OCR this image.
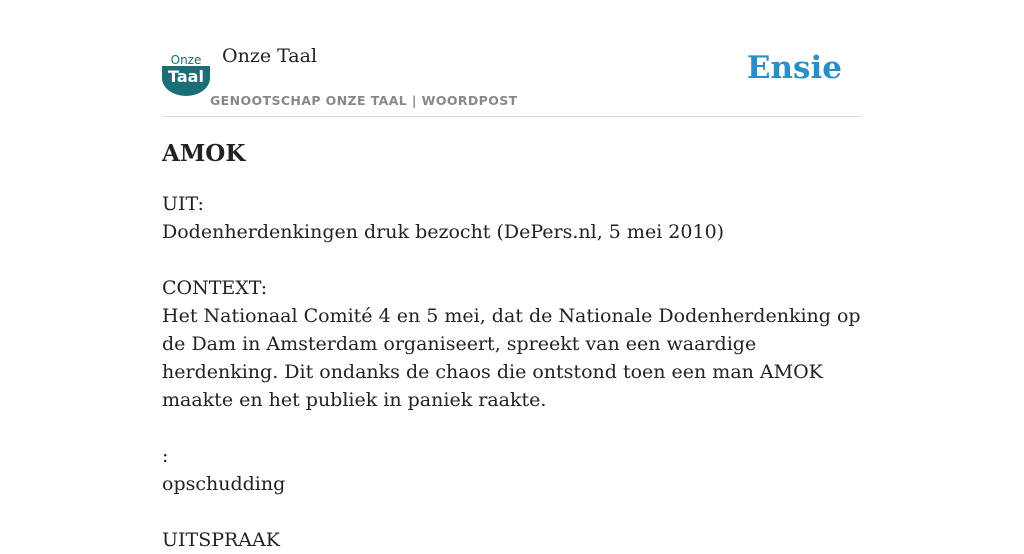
Onze
Taal
Onze Taal
GENOOTSCHAP ONZE TAAL | WOORDPOST
Ensie
AMOK
UIT:
Dodenherdenkingen druk bezocht (DePers.nl, 5 mei 2010)
CONTEXT:
Het Nationaal Comité 4 en 5 mei, dat de Nationale Dodenherdenking op de Dam in Amsterdam organiseert, spreekt van een waardige herdenking. Dit ondanks de chaos die ontstond toen een man AMOK maakte en het publiek in paniek raakte.
:
opschudding
UITSPRAAK
